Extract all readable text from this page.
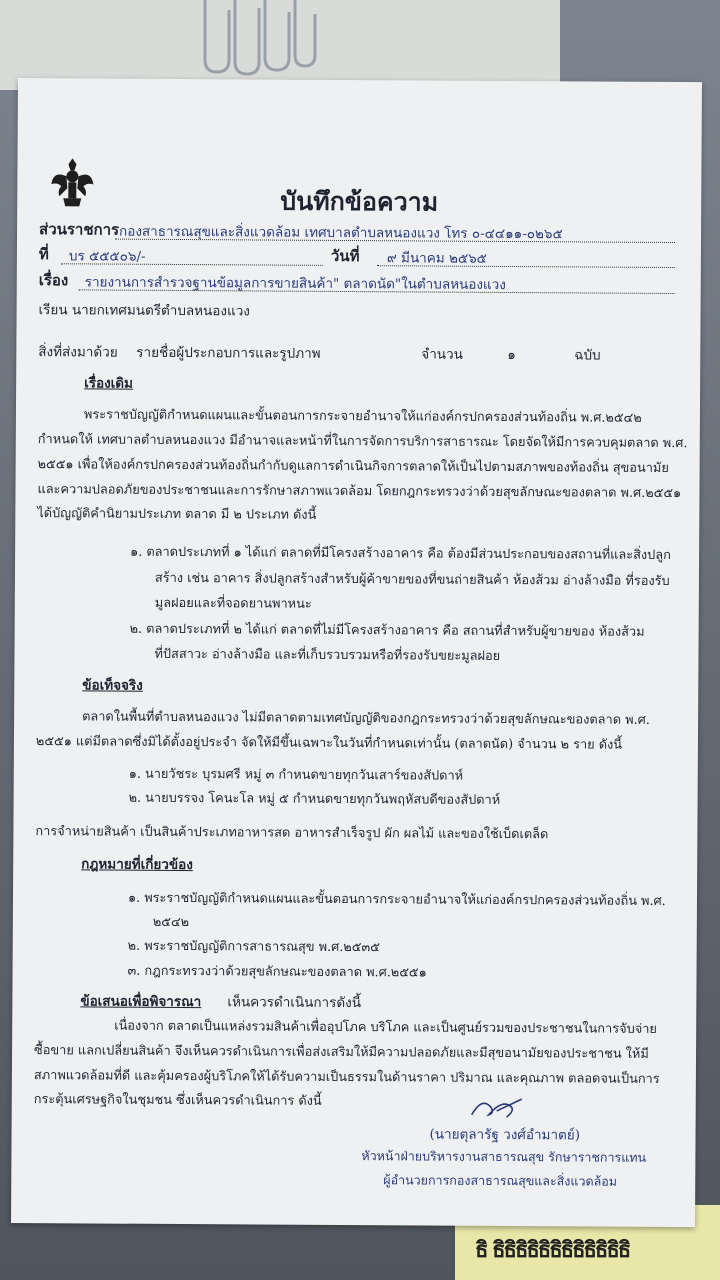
ธิ ธิธิธิธิธิธิธิธิธิธิธิธิ
บันทึกข้อความ
ส่วนราชการ กองสาธารณสุขและสิ่งแวดล้อม เทศบาลตำบลหนองแวง โทร ๐-๔๔๑๑-๐๒๖๕
ที่ บร ๕๕๕๐๖/-	วันที่ ๙ มีนาคม ๒๕๖๕
เรื่อง รายงานการสำรวจฐานข้อมูลการขายสินค้า" ตลาดนัด"ในตำบลหนองแวง
เรียน นายกเทศมนตรีตำบลหนองแวง
สิ่งที่ส่งมาด้วย รายชื่อผู้ประกอบการและรูปภาพ	จำนวน	๑	ฉบับ
เรื่องเดิม
พระราชบัญญัติกำหนดแผนและขั้นตอนการกระจายอำนาจให้แก่องค์กรปกครองส่วนท้องถิ่น พ.ศ.๒๕๔๒
กำหนดให้ เทศบาลตำบลหนองแวง มีอำนาจและหน้าที่ในการจัดการบริการสาธารณะ โดยจัดให้มีการควบคุมตลาด พ.ศ.
๒๕๕๑ เพื่อให้องค์กรปกครองส่วนท้องถิ่นกำกับดูแลการดำเนินกิจการตลาดให้เป็นไปตามสภาพของท้องถิ่น สุขอนามัย
และความปลอดภัยของประชาชนและการรักษาสภาพแวดล้อม โดยกฎกระทรวงว่าด้วยสุขลักษณะของตลาด พ.ศ.๒๕๕๑
ได้บัญญัติคำนิยามประเภท ตลาด มี ๒ ประเภท ดังนี้
๑. ตลาดประเภทที่ ๑ ได้แก่ ตลาดที่มีโครงสร้างอาคาร คือ ต้องมีส่วนประกอบของสถานที่และสิ่งปลูก
สร้าง เช่น อาคาร สิ่งปลูกสร้างสำหรับผู้ค้าขายของที่ขนถ่ายสินค้า ห้องส้วม อ่างล้างมือ ที่รองรับ
มูลฝอยและที่จอดยานพาหนะ
๒. ตลาดประเภทที่ ๒ ได้แก่ ตลาดที่ไม่มีโครงสร้างอาคาร คือ สถานที่สำหรับผู้ขายของ ห้องส้วม
ที่ปัสสาวะ อ่างล้างมือ และที่เก็บรวบรวมหรือที่รองรับขยะมูลฝอย
ข้อเท็จจริง
ตลาดในพื้นที่ตำบลหนองแวง ไม่มีตลาดตามเทศบัญญัติของกฎกระทรวงว่าด้วยสุขลักษณะของตลาด พ.ศ.
๒๕๕๑ แต่มีตลาดซึ่งมิได้ตั้งอยู่ประจำ จัดให้มีขึ้นเฉพาะในวันที่กำหนดเท่านั้น (ตลาดนัด) จำนวน ๒ ราย ดังนี้
๑. นายวัชระ บุรมศรี หมู่ ๓ กำหนดขายทุกวันเสาร์ของสัปดาห์
๒. นายบรรจง โคนะโล หมู่ ๕ กำหนดขายทุกวันพฤหัสบดีของสัปดาห์
การจำหน่ายสินค้า เป็นสินค้าประเภทอาหารสด อาหารสำเร็จรูป ผัก ผลไม้ และของใช้เบ็ดเตล็ด
กฎหมายที่เกี่ยวข้อง
๑. พระราชบัญญัติกำหนดแผนและขั้นตอนการกระจายอำนาจให้แก่องค์กรปกครองส่วนท้องถิ่น พ.ศ.
๒๕๔๒
๒. พระราชบัญญัติการสาธารณสุข พ.ศ.๒๕๓๕
๓. กฎกระทรวงว่าด้วยสุขลักษณะของตลาด พ.ศ.๒๕๕๑
ข้อเสนอเพื่อพิจารณา เห็นควรดำเนินการดังนี้
เนื่องจาก ตลาดเป็นแหล่งรวมสินค้าเพื่ออุปโภค บริโภค และเป็นศูนย์รวมของประชาชนในการจับจ่าย
ซื้อขาย แลกเปลี่ยนสินค้า จึงเห็นควรดำเนินการเพื่อส่งเสริมให้มีความปลอดภัยและมีสุขอนามัยของประชาชน ให้มี
สภาพแวดล้อมที่ดี และคุ้มครองผู้บริโภคให้ได้รับความเป็นธรรมในด้านราคา ปริมาณ และคุณภาพ ตลอดจนเป็นการ
กระตุ้นเศรษฐกิจในชุมชน ซึ่งเห็นควรดำเนินการ ดังนี้
(นายตุลารัฐ วงศ์อำมาตย์)
หัวหน้าฝ่ายบริหารงานสาธารณสุข รักษาราชการแทน
ผู้อำนวยการกองสาธารณสุขและสิ่งแวดล้อม
